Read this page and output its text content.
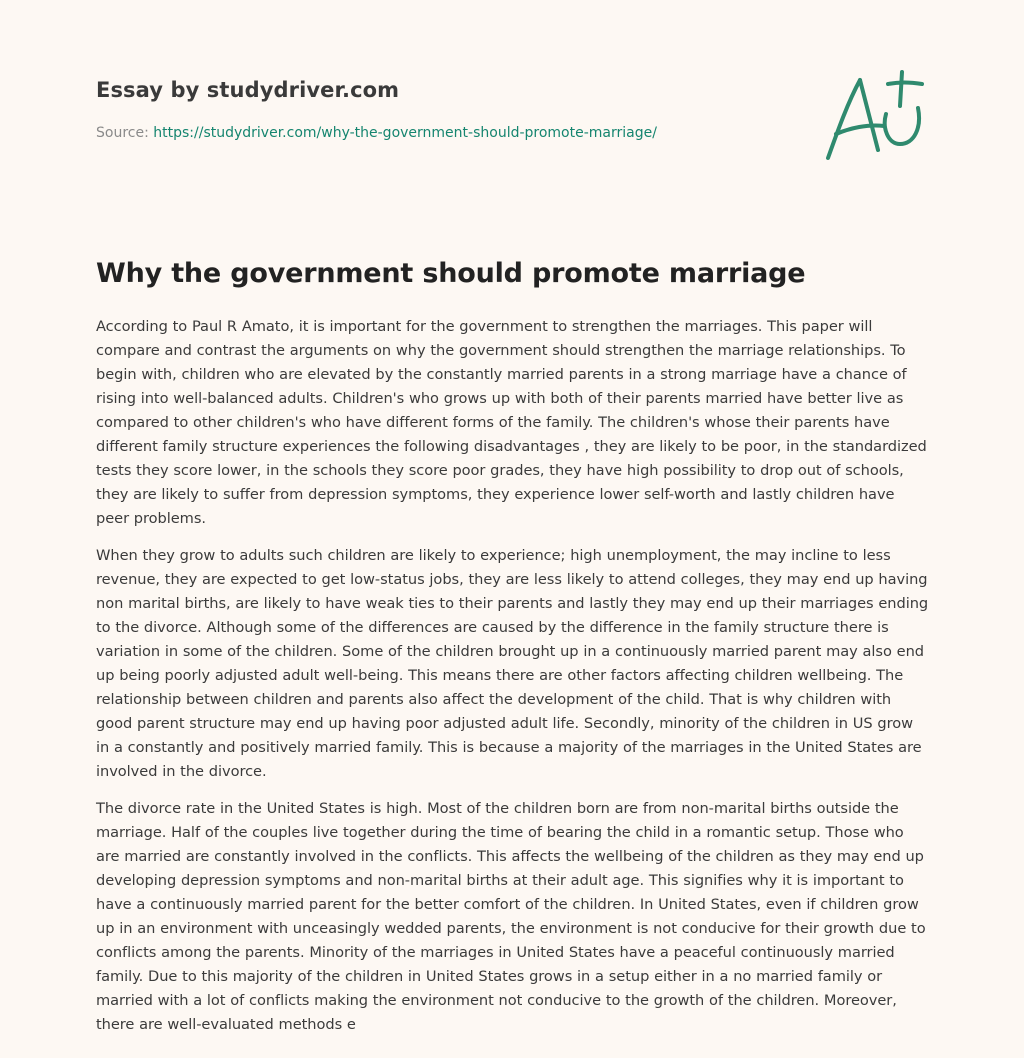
Essay by studydriver.com
Source: https://studydriver.com/why-the-government-should-promote-marriage/
Why the government should promote marriage

According to Paul R Amato, it is important for the government to strengthen the marriages. This paper will compare and contrast the arguments on why the government should strengthen the marriage relationships. To begin with, children who are elevated by the constantly married parents in a strong marriage have a chance of rising into well-balanced adults. Children's who grows up with both of their parents married have better live as compared to other children's who have different forms of the family. The children's whose their parents have different family structure experiences the following disadvantages , they are likely to be poor, in the standardized tests they score lower, in the schools they score poor grades, they have high possibility to drop out of schools, they are likely to suffer from depression symptoms, they experience lower self-worth and lastly children have peer problems.

When they grow to adults such children are likely to experience; high unemployment, the may incline to less revenue, they are expected to get low-status jobs, they are less likely to attend colleges, they may end up having non marital births, are likely to have weak ties to their parents and lastly they may end up their marriages ending to the divorce. Although some of the differences are caused by the difference in the family structure there is variation in some of the children. Some of the children brought up in a continuously married parent may also end up being poorly adjusted adult well-being. This means there are other factors affecting children wellbeing. The relationship between children and parents also affect the development of the child. That is why children with good parent structure may end up having poor adjusted adult life. Secondly, minority of the children in US grow in a constantly and positively married family. This is because a majority of the marriages in the United States are involved in the divorce.

The divorce rate in the United States is high. Most of the children born are from non-marital births outside the marriage. Half of the couples live together during the time of bearing the child in a romantic setup. Those who are married are constantly involved in the conflicts. This affects the wellbeing of the children as they may end up developing depression symptoms and non-marital births at their adult age. This signifies why it is important to have a continuously married parent for the better comfort of the children. In United States, even if children grow up in an environment with unceasingly wedded parents, the environment is not conducive for their growth due to conflicts among the parents. Minority of the marriages in United States have a peaceful continuously married family. Due to this majority of the children in United States grows in a setup either in a no married family or married with a lot of conflicts making the environment not conducive to the growth of the children. Moreover, there are well-evaluated methods e
